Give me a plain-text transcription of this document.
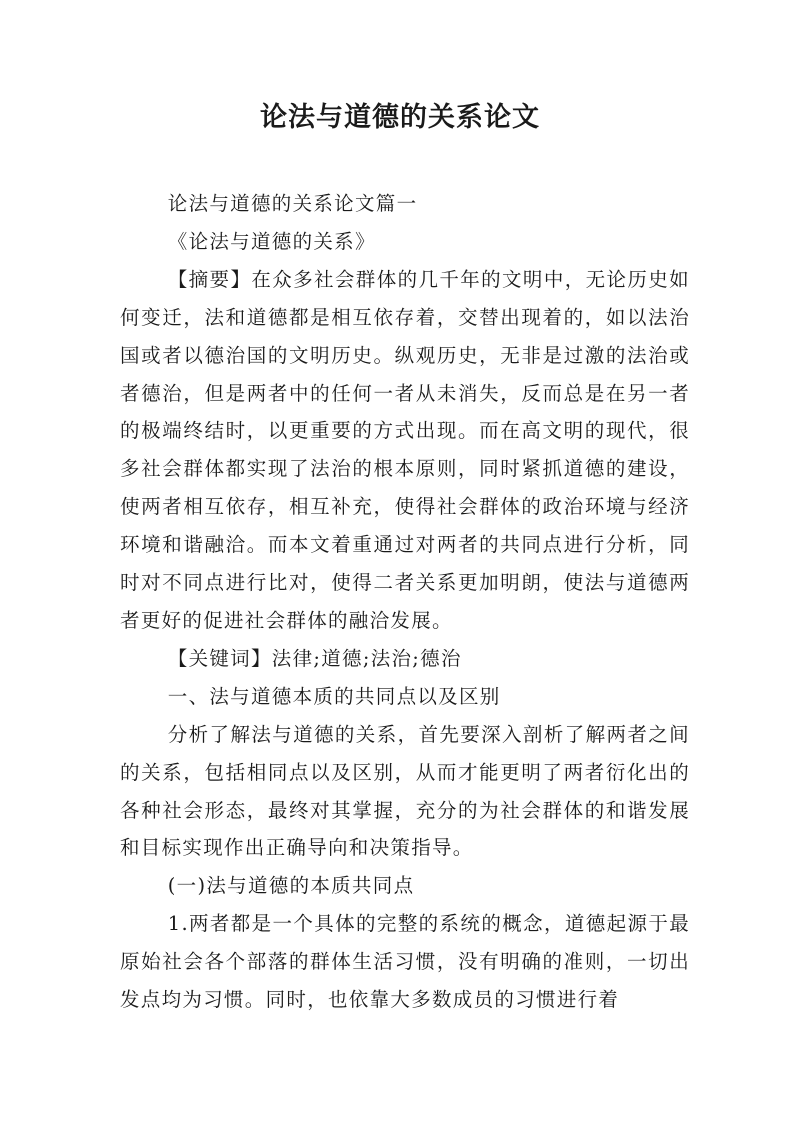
论法与道德的关系论文

论法与道德的关系论文篇一

《论法与道德的关系》

【摘要】在众多社会群体的几千年的文明中，无论历史如何变迁，法和道德都是相互依存着，交替出现着的，如以法治国或者以德治国的文明历史。纵观历史，无非是过激的法治或者德治，但是两者中的任何一者从未消失，反而总是在另一者的极端终结时，以更重要的方式出现。而在高文明的现代，很多社会群体都实现了法治的根本原则，同时紧抓道德的建设，使两者相互依存，相互补充，使得社会群体的政治环境与经济环境和谐融洽。而本文着重通过对两者的共同点进行分析，同时对不同点进行比对，使得二者关系更加明朗，使法与道德两者更好的促进社会群体的融洽发展。

【关键词】法律;道德;法治;德治

一、法与道德本质的共同点以及区别

分析了解法与道德的关系，首先要深入剖析了解两者之间的关系，包括相同点以及区别，从而才能更明了两者衍化出的各种社会形态，最终对其掌握，充分的为社会群体的和谐发展和目标实现作出正确导向和决策指导。

(一)法与道德的本质共同点

1.两者都是一个具体的完整的系统的概念，道德起源于最原始社会各个部落的群体生活习惯，没有明确的准则，一切出发点均为习惯。同时，也依靠大多数成员的习惯进行着
